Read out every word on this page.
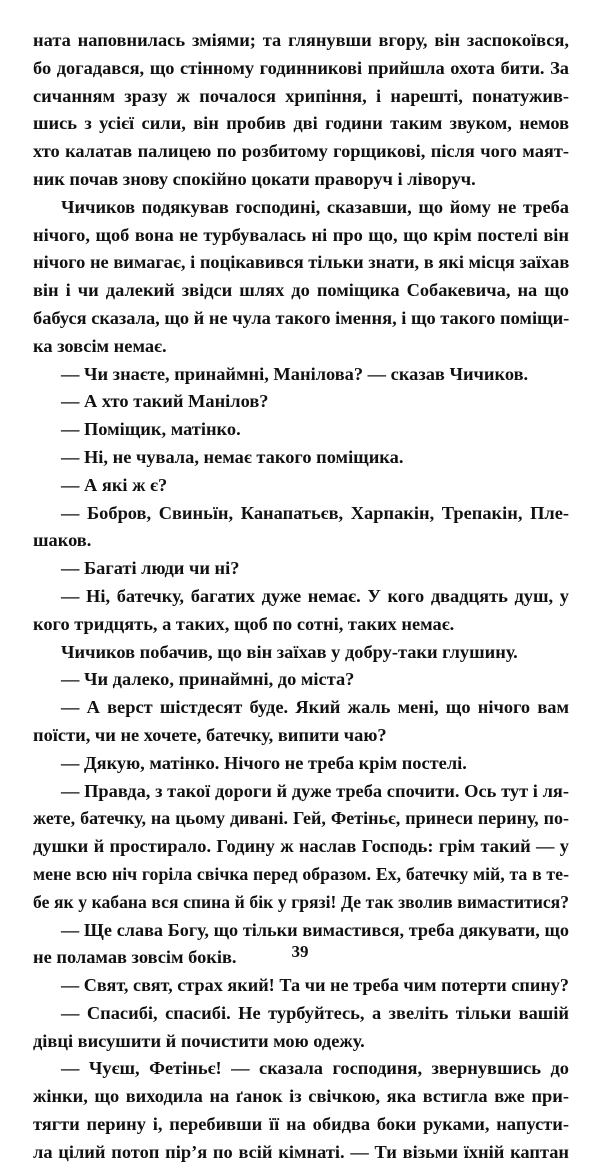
ната наповнилась зміями; та глянувши вгору, він заспокоївся,
бо догадався, що стінному годинникові прийшла охота бити. За
сичанням зразу ж почалося хрипіння, і нарешті, понатужив-
шись з усієї сили, він пробив дві години таким звуком, немов
хто калатав палицею по розбитому горщикові, після чого маят-
ник почав знову спокійно цокати праворуч і ліворуч.
Чичиков подякував господині, сказавши, що йому не треба
нічого, щоб вона не турбувалась ні про що, що крім постелі він
нічого не вимагає, і поцікавився тільки знати, в які місця заїхав
він і чи далекий звідси шлях до поміщика Собакевича, на що
бабуся сказала, що й не чула такого імення, і що такого поміщи-
ка зовсім немає.
— Чи знаєте, принаймні, Манілова? — сказав Чичиков.
— А хто такий Манілов?
— Поміщик, матінко.
— Ні, не чувала, немає такого поміщика.
— А які ж є?
— Бобров, Свиньїн, Канапатьєв, Харпакін, Трепакін, Пле-
шаков.
— Багаті люди чи ні?
— Ні, батечку, багатих дуже немає. У кого двадцять душ, у
кого тридцять, а таких, щоб по сотні, таких немає.
Чичиков побачив, що він заїхав у добру-таки глушину.
— Чи далеко, принаймні, до міста?
— А верст шістдесят буде. Який жаль мені, що нічого вам
поїсти, чи не хочете, батечку, випити чаю?
— Дякую, матінко. Нічого не треба крім постелі.
— Правда, з такої дороги й дуже треба спочити. Ось тут і ля-
жете, батечку, на цьому дивані. Гей, Фетіньє, принеси перину, по-
душки й простирало. Годину ж наслав Господь: грім такий — у
мене всю ніч горіла свічка перед образом. Ех, батечку мій, та в те-
бе як у кабана вся спина й бік у грязі! Де так зволив вимаститися?
— Ще слава Богу, що тільки вимастився, треба дякувати, що
не поламав зовсім боків.
— Свят, свят, страх який! Та чи не треба чим потерти спину?
— Спасибі, спасибі. Не турбуйтесь, а звеліть тільки вашій
дівці висушити й почистити мою одежу.
— Чуєш, Фетіньє! — сказала господиня, звернувшись до
жінки, що виходила на ґанок із свічкою, яка встигла вже при-
тягти перину і, перебивши її на обидва боки руками, напусти-
ла цілий потоп пір’я по всій кімнаті. — Ти візьми їхній каптан
39
